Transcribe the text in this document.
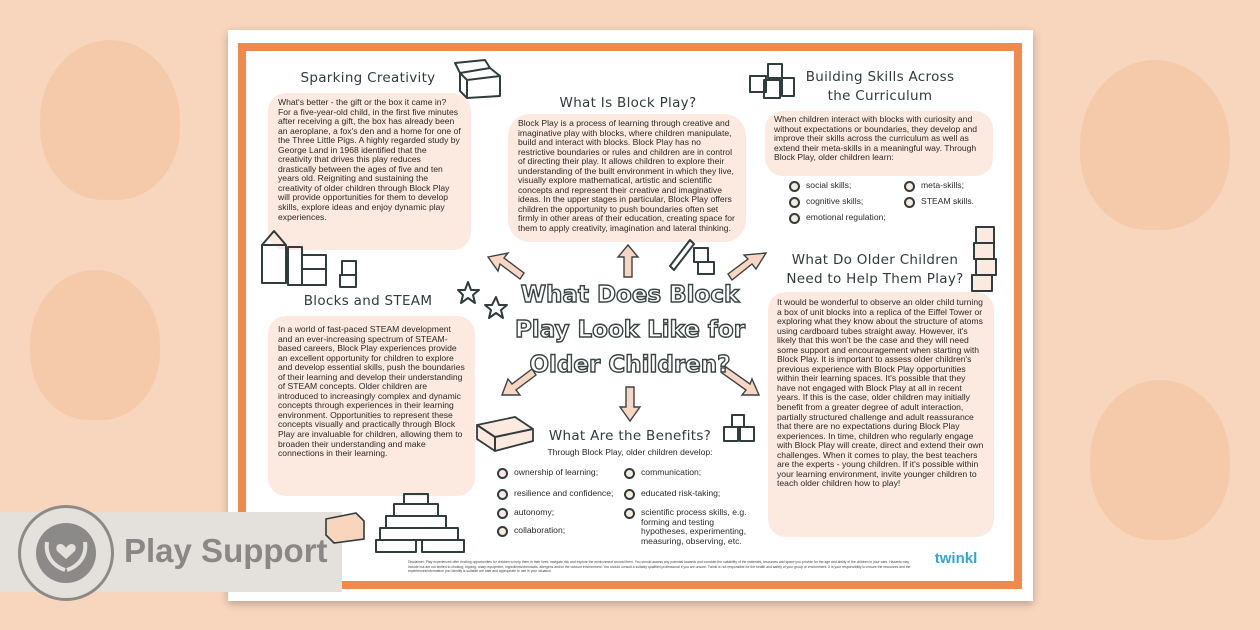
Sparking Creativity
What's better - the gift or the box it came in? For a five-year-old child, in the first five minutes after receiving a gift, the box has already been an aeroplane, a fox's den and a home for one of the Three Little Pigs. A highly regarded study by George Land in 1968 identified that the creativity that drives this play reduces drastically between the ages of five and ten years old. Reigniting and sustaining the creativity of older children through Block Play will provide opportunities for them to develop skills, explore ideas and enjoy dynamic play experiences.
What Is Block Play?
Block Play is a process of learning through creative and imaginative play with blocks, where children manipulate, build and interact with blocks. Block Play has no restrictive boundaries or rules and children are in control of directing their play. It allows children to explore their understanding of the built environment in which they live, visually explore mathematical, artistic and scientific concepts and represent their creative and imaginative ideas. In the upper stages in particular, Block Play offers children the opportunity to push boundaries often set firmly in other areas of their education, creating space for them to apply creativity, imagination and lateral thinking.
Building Skills Across
the Curriculum
When children interact with blocks with curiosity and without expectations or boundaries, they develop and improve their skills across the curriculum as well as extend their meta-skills in a meaningful way. Through Block Play, older children learn:
social skills;
cognitive skills;
emotional regulation;
meta-skills;
STEAM skills.
Blocks and STEAM
In a world of fast-paced STEAM development and an ever-increasing spectrum of STEAM-based careers, Block Play experiences provide an excellent opportunity for children to explore and develop essential skills, push the boundaries of their learning and develop their understanding of STEAM concepts. Older children are introduced to increasingly complex and dynamic concepts through experiences in their learning environment. Opportunities to represent these concepts visually and practically through Block Play are invaluable for children, allowing them to broaden their understanding and make connections in their learning.
What Does Block
Play Look Like for
Older Children?
What Do Older Children
Need to Help Them Play?
It would be wonderful to observe an older child turning a box of unit blocks into a replica of the Eiffel Tower or exploring what they know about the structure of atoms using cardboard tubes straight away. However, it's likely that this won't be the case and they will need some support and encouragement when starting with Block Play. It is important to assess older children's previous experience with Block Play opportunities within their learning spaces. It's possible that they have not engaged with Block Play at all in recent years. If this is the case, older children may initially benefit from a greater degree of adult interaction, partially structured challenge and adult reassurance that there are no expectations during Block Play experiences. In time, children who regularly engage with Block Play will create, direct and extend their own challenges. When it comes to play, the best teachers are the experts - young children. If it's possible within your learning environment, invite younger children to teach older children how to play!
What Are the Benefits?
Through Block Play, older children develop:
ownership of learning;
resilience and confidence;
autonomy;
collaboration;
communication;
educated risk-taking;
scientific process skills, e.g. forming and testing hypotheses, experimenting, measuring, observing, etc.
Disclaimer: Play experiences offer exciting opportunities for children to help them in their lives, navigate risk and explore the environment around them. You should assess any potential hazards and consider the suitability of the materials, resources and space you provide for the age and ability of the children in your care. Hazards may include but are not limited to choking, tripping, sharp equipment, ingredients/chemicals, allergens and/or the outdoor environment. You should consult a suitably qualified professional if you are unsure. Twinkl is not responsible for the health and safety of your group or environment. It is your responsibility to ensure the resources and the experiences/information you identify is suitable are safe and appropriate to use in your situation.
twinkl
Play Support
